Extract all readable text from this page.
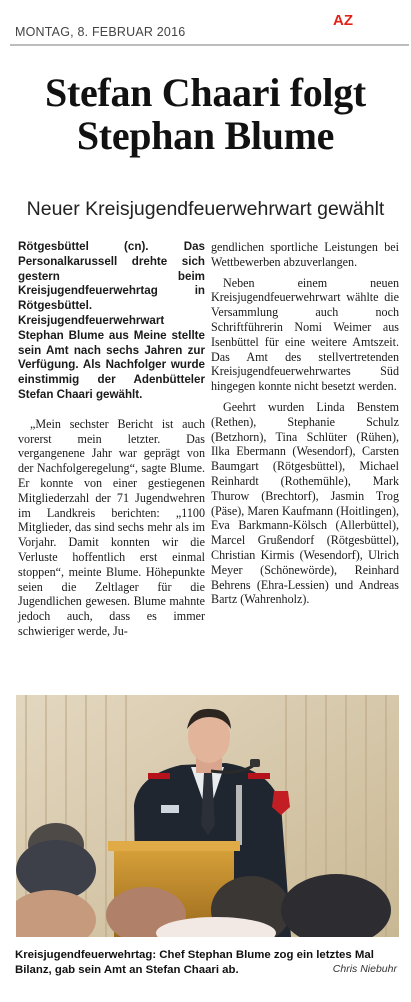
MONTAG, 8. FEBRUAR 2016
AZ
Stefan Chaari folgt
Stephan Blume
Neuer Kreisjugendfeuerwehrwart gewählt

Rötgesbüttel (cn). Das Personalkarussell drehte sich gestern beim Kreisjugendfeuerwehrtag in Rötgesbüttel. Kreisjugendfeuerwehrwart Stephan Blume aus Meine stellte sein Amt nach sechs Jahren zur Verfügung. Als Nachfolger wurde einstimmig der Adenbütteler Stefan Chaari gewählt.

„Mein sechster Bericht ist auch vorerst mein letzter. Das vergangenene Jahr war geprägt von der Nachfolgeregelung“, sagte Blume. Er konnte von einer gestiegenen Mitgliederzahl der 71 Jugendwehren im Landkreis berichten: „1100 Mitglieder, das sind sechs mehr als im Vorjahr. Damit konnten wir die Verluste hoffentlich erst einmal stoppen“, meinte Blume. Höhepunkte seien die Zeltlager für die Jugendlichen gewesen. Blume mahnte jedoch auch, dass es immer schwieriger werde, Ju-

gendlichen sportliche Leistungen bei Wettbewerben abzuverlangen.

Neben einem neuen Kreisjugendfeuerwehrwart wählte die Versammlung auch noch Schriftführerin Nomi Weimer aus Isenbüttel für eine weitere Amtszeit. Das Amt des stellvertretenden Kreisjugendfeuerwehrwartes Süd hingegen konnte nicht besetzt werden.

Geehrt wurden Linda Benstem (Rethen), Stephanie Schulz (Betzhorn), Tina Schlüter (Rühen), Ilka Ebermann (Wesendorf), Carsten Baumgart (Rötgesbüttel), Michael Reinhardt (Rothemühle), Mark Thurow (Brechtorf), Jasmin Trog (Päse), Maren Kaufmann (Hoitlingen), Eva Barkmann-Kölsch (Allerbüttel), Marcel Grußendorf (Rötgesbüttel), Christian Kirmis (Wesendorf), Ulrich Meyer (Schönewörde), Reinhard Behrens (Ehra-Lessien) und Andreas Bartz (Wahrenholz).

Kreisjugendfeuerwehrtag: Chef Stephan Blume zog ein letztes Mal Bilanz, gab sein Amt an Stefan Chaari ab.	Chris Niebuhr
